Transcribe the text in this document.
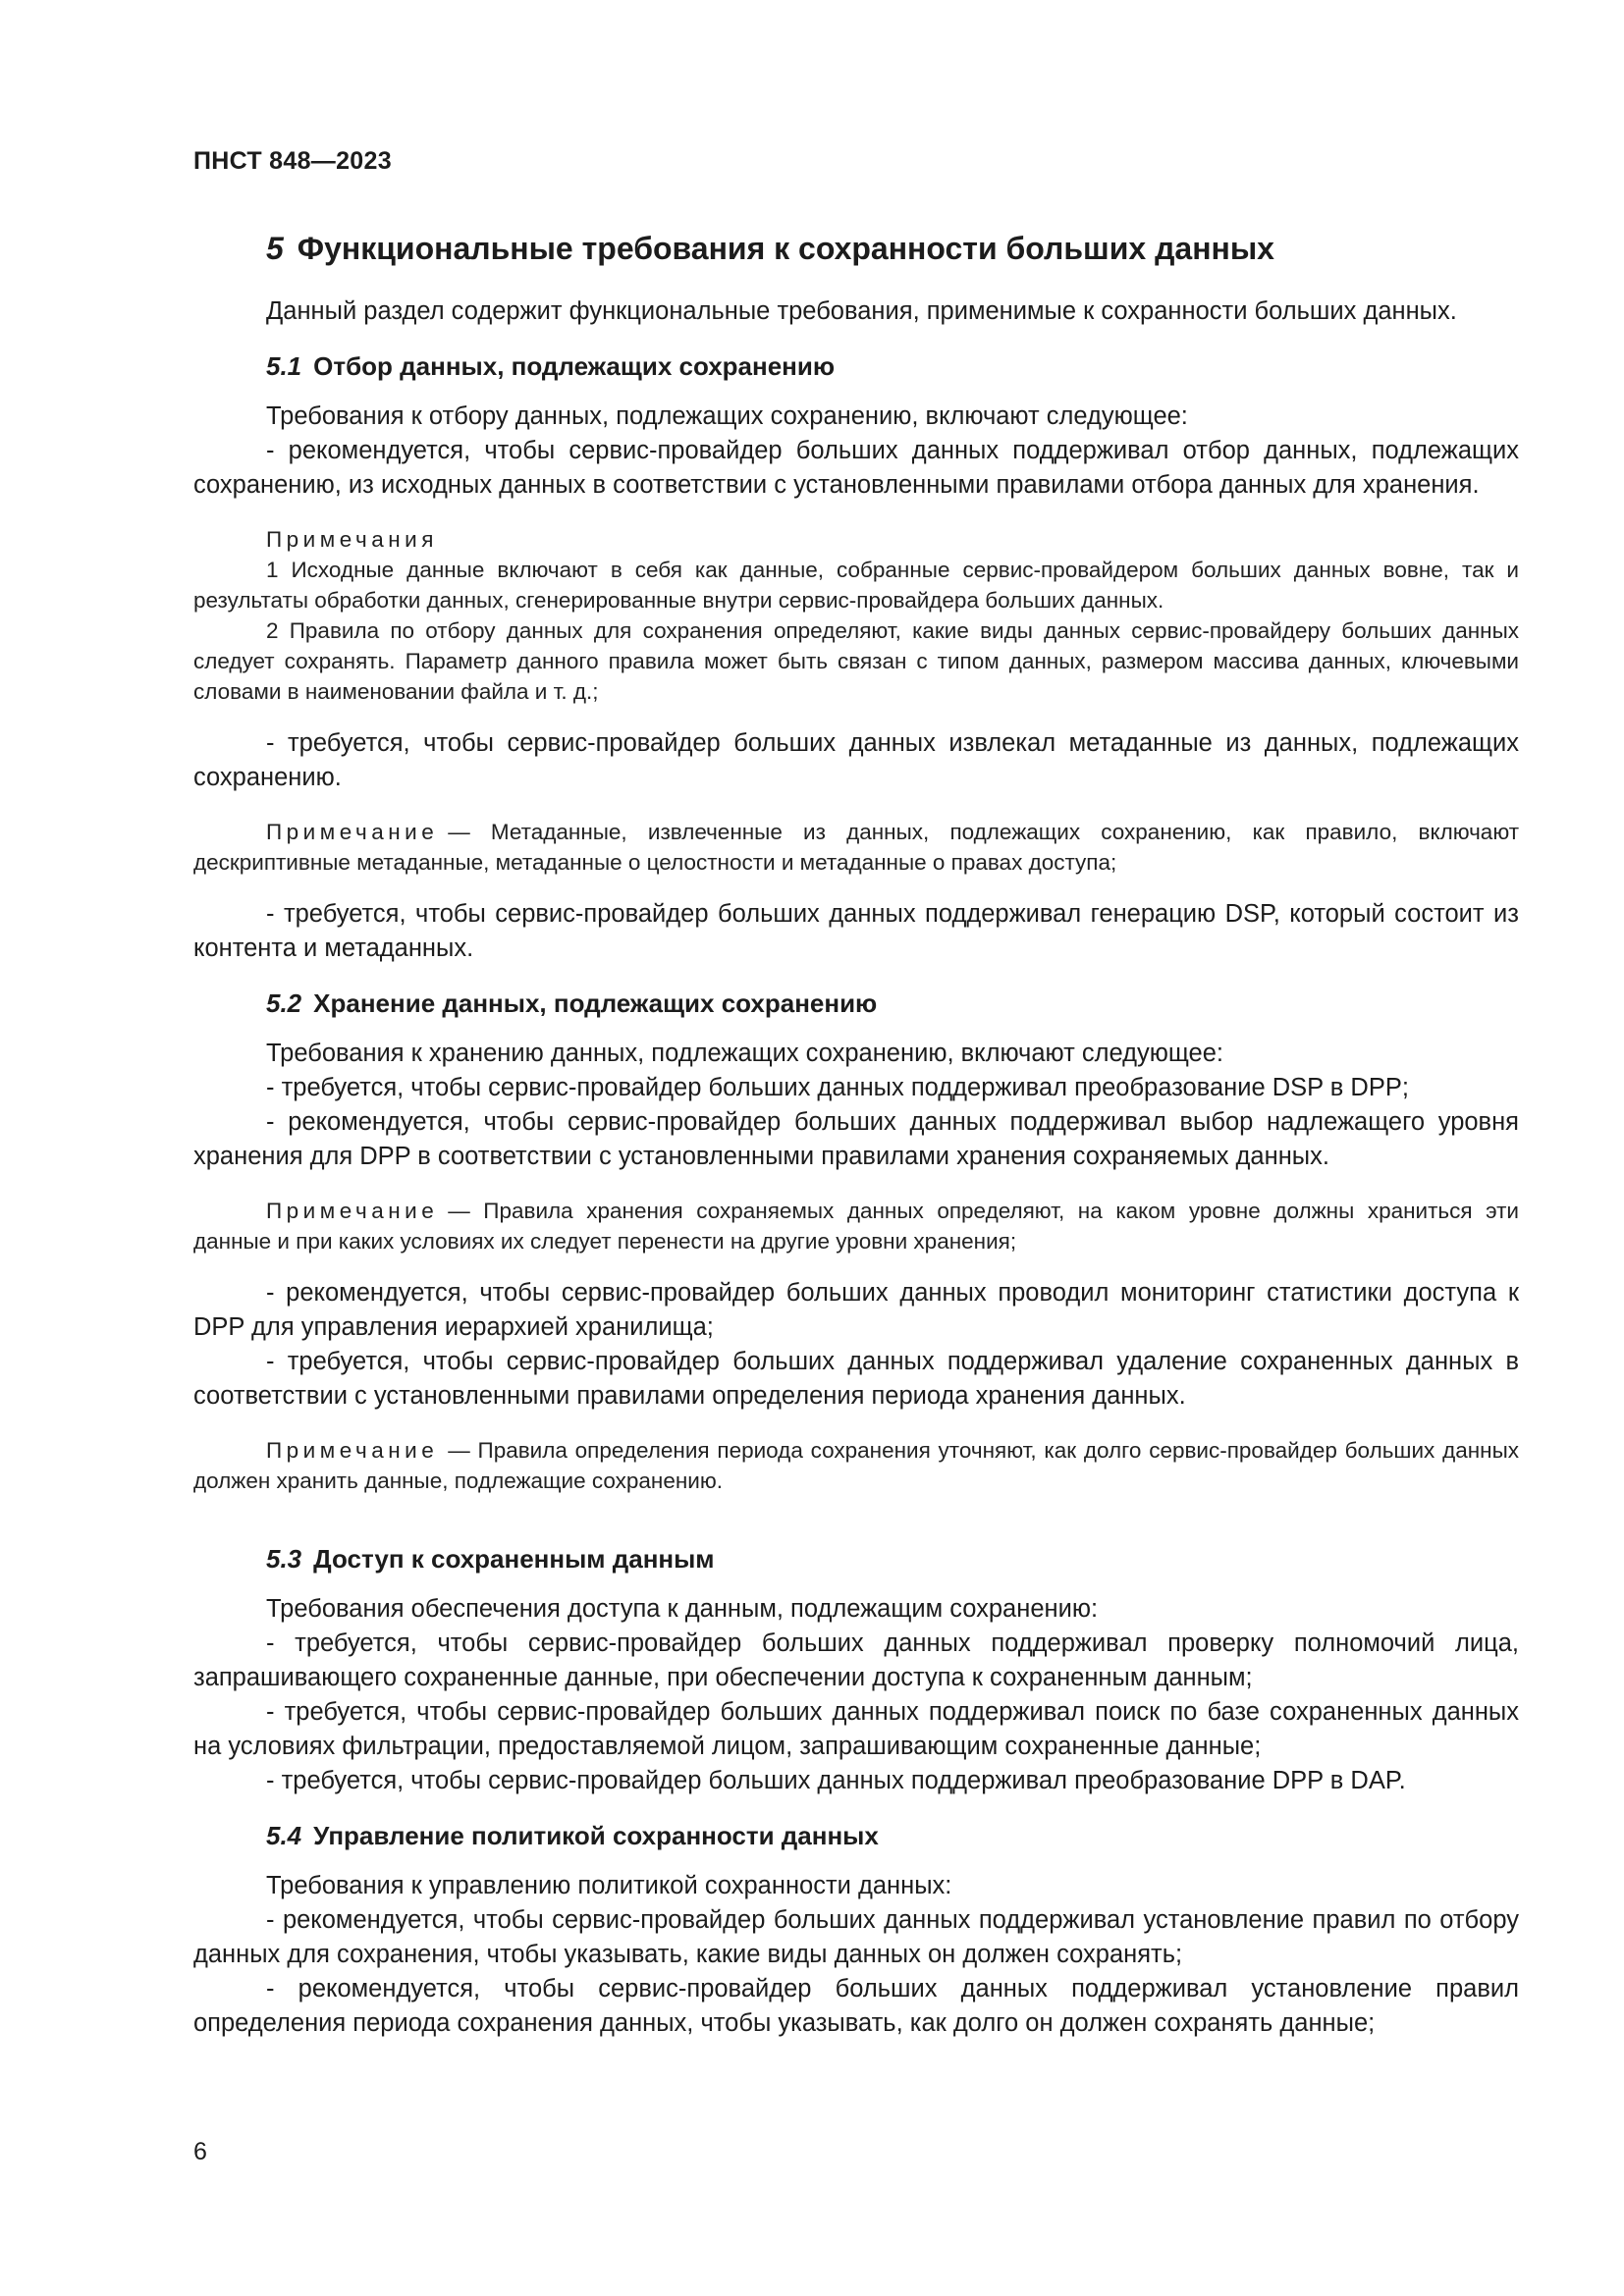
ПНСТ 848—2023
5 Функциональные требования к сохранности больших данных

Данный раздел содержит функциональные требования, применимые к сохранности больших данных.

5.1 Отбор данных, подлежащих сохранению

Требования к отбору данных, подлежащих сохранению, включают следующее:

- рекомендуется, чтобы сервис-провайдер больших данных поддерживал отбор данных, подлежащих сохранению, из исходных данных в соответствии с установленными правилами отбора данных для хранения.

Примечания
1 Исходные данные включают в себя как данные, собранные сервис-провайдером больших данных вовне, так и результаты обработки данных, сгенерированные внутри сервис-провайдера больших данных.
2 Правила по отбору данных для сохранения определяют, какие виды данных сервис-провайдеру больших данных следует сохранять. Параметр данного правила может быть связан с типом данных, размером массива данных, ключевыми словами в наименовании файла и т. д.;

- требуется, чтобы сервис-провайдер больших данных извлекал метаданные из данных, подлежащих сохранению.

Примечание — Метаданные, извлеченные из данных, подлежащих сохранению, как правило, включают дескриптивные метаданные, метаданные о целостности и метаданные о правах доступа;

- требуется, чтобы сервис-провайдер больших данных поддерживал генерацию DSP, который состоит из контента и метаданных.

5.2 Хранение данных, подлежащих сохранению

Требования к хранению данных, подлежащих сохранению, включают следующее:

- требуется, чтобы сервис-провайдер больших данных поддерживал преобразование DSP в DPP;

- рекомендуется, чтобы сервис-провайдер больших данных поддерживал выбор надлежащего уровня хранения для DPP в соответствии с установленными правилами хранения сохраняемых данных.

Примечание — Правила хранения сохраняемых данных определяют, на каком уровне должны храниться эти данные и при каких условиях их следует перенести на другие уровни хранения;

- рекомендуется, чтобы сервис-провайдер больших данных проводил мониторинг статистики доступа к DPP для управления иерархией хранилища;

- требуется, чтобы сервис-провайдер больших данных поддерживал удаление сохраненных данных в соответствии с установленными правилами определения периода хранения данных.

Примечание — Правила определения периода сохранения уточняют, как долго сервис-провайдер больших данных должен хранить данные, подлежащие сохранению.
5.3 Доступ к сохраненным данным

Требования обеспечения доступа к данным, подлежащим сохранению:

- требуется, чтобы сервис-провайдер больших данных поддерживал проверку полномочий лица, запрашивающего сохраненные данные, при обеспечении доступа к сохраненным данным;

- требуется, чтобы сервис-провайдер больших данных поддерживал поиск по базе сохраненных данных на условиях фильтрации, предоставляемой лицом, запрашивающим сохраненные данные;

- требуется, чтобы сервис-провайдер больших данных поддерживал преобразование DPP в DAP.

5.4 Управление политикой сохранности данных

Требования к управлению политикой сохранности данных:

- рекомендуется, чтобы сервис-провайдер больших данных поддерживал установление правил по отбору данных для сохранения, чтобы указывать, какие виды данных он должен сохранять;

- рекомендуется, чтобы сервис-провайдер больших данных поддерживал установление правил определения периода сохранения данных, чтобы указывать, как долго он должен сохранять данные;

6
